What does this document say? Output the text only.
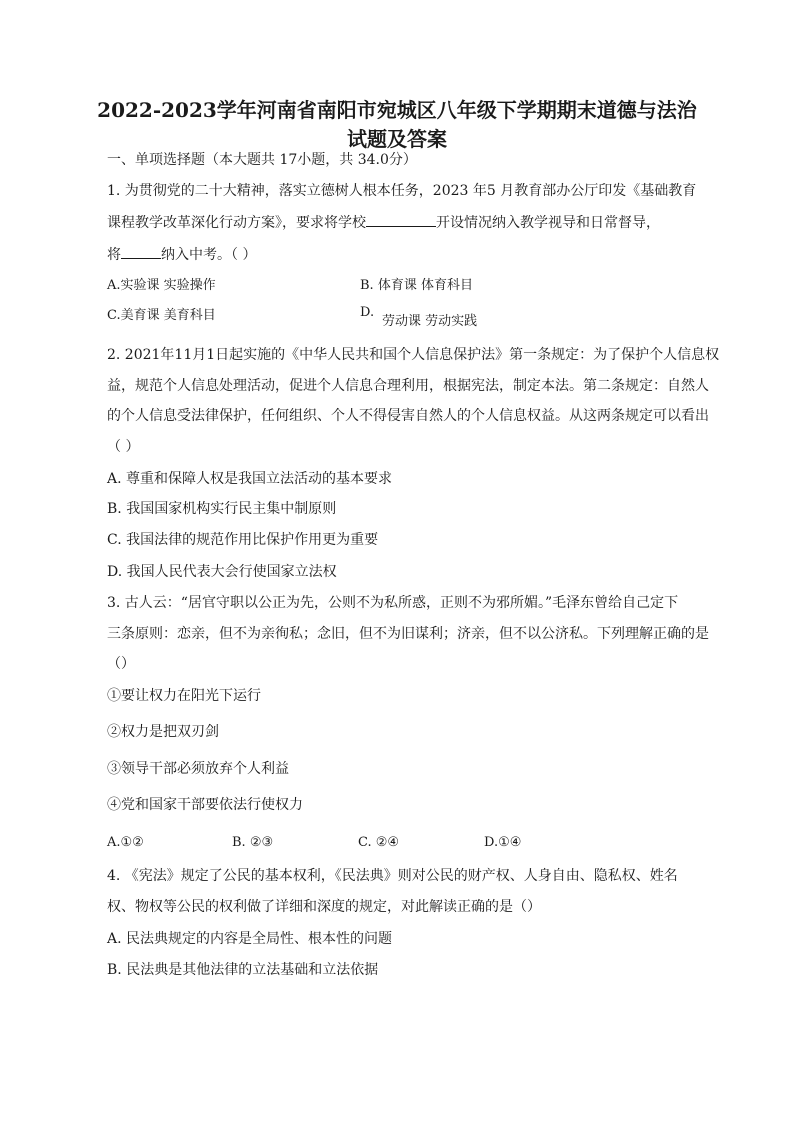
2022-2023学年河南省南阳市宛城区八年级下学期期末道德与法治
试题及答案
一、单项选择题（本大题共 17小题，共 34.0分）
1. 为贯彻党的二十大精神，落实立德树人根本任务，2023 年5 月教育部办公厅印发《基础教育
课程教学改革深化行动方案》，要求将学校	开设情况纳入教学视导和日常督导，
将	纳入中考。（ ）
A.实验课 实验操作	B. 体育课 体育科目
C.美育课 美育科目	D.
劳动课 劳动实践
2. 2021年11月1日起实施的《中华人民共和国个人信息保护法》第一条规定：为了保护个人信息权
益，规范个人信息处理活动，促进个人信息合理利用，根据宪法，制定本法。第二条规定：自然人
的个人信息受法律保护，任何组织、个人不得侵害自然人的个人信息权益。从这两条规定可以看出
（ ）
A. 尊重和保障人权是我国立法活动的基本要求
B. 我国国家机构实行民主集中制原则
C. 我国法律的规范作用比保护作用更为重要
D. 我国人民代表大会行使国家立法权
3. 古人云：“居官守职以公正为先，公则不为私所惑，正则不为邪所媚。”毛泽东曾给自己定下
三条原则：恋亲，但不为亲徇私；念旧，但不为旧谋利；济亲，但不以公济私。下列理解正确的是
（）
①要让权力在阳光下运行
②权力是把双刃剑
③领导干部必须放弃个人利益
④党和国家干部要依法行使权力
A.①②	B. ②③	C. ②④	D.①④
4. 《宪法》规定了公民的基本权利，《民法典》则对公民的财产权、人身自由、隐私权、姓名
权、物权等公民的权利做了详细和深度的规定，对此解读正确的是（）
A. 民法典规定的内容是全局性、根本性的问题
B. 民法典是其他法律的立法基础和立法依据
